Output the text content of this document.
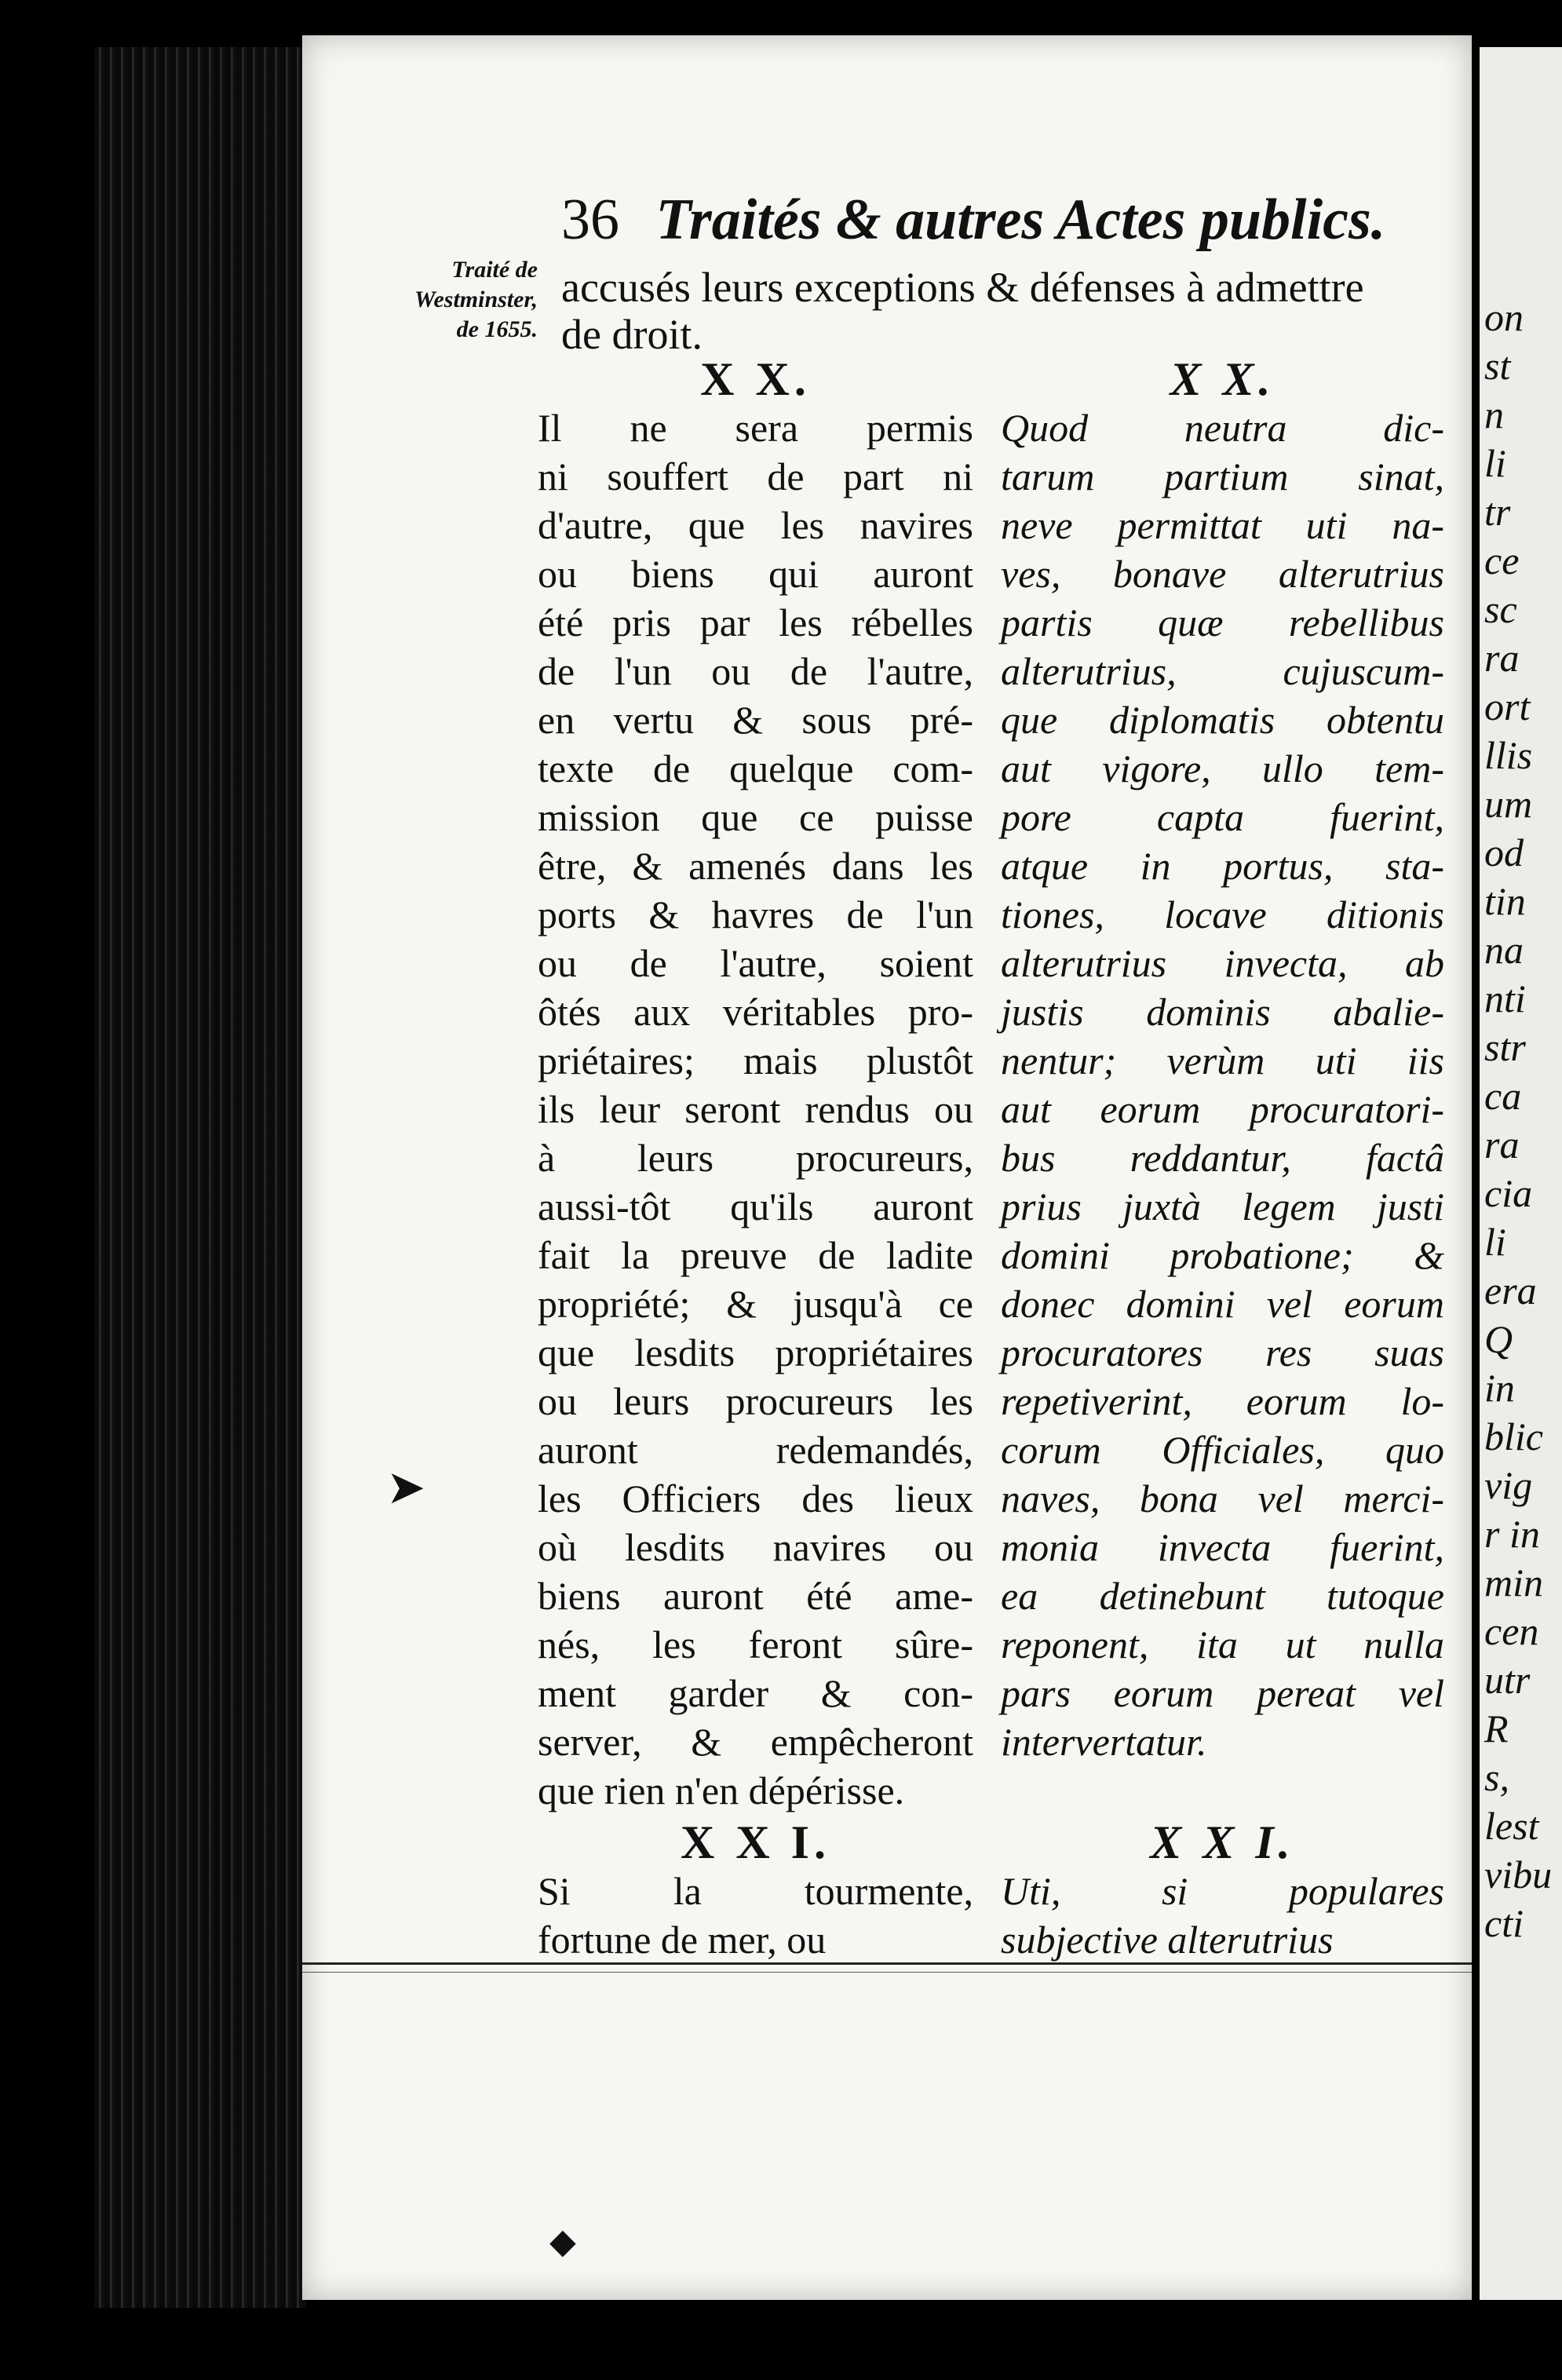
on
st
n
li
tr
ce
sc
ra
ort
llis
um
od
tin
na
nti
str
ca
ra
cia
li
era
Q
in
blic
vig
r in
min
cen
utr
R
s,
lest
vibu
cti
36 Traités & autres Actes publics.
Traité de
Westminster,
de 1655.
accusés leurs exceptions & défenses à admettre
de droit.
X X.
Il ne sera permis
ni souffert de part ni
d'autre, que les navires
ou biens qui auront
été pris par les rébelles
de l'un ou de l'autre,
en vertu & sous pré-
texte de quelque com-
mission que ce puisse
être, & amenés dans les
ports & havres de l'un
ou de l'autre, soient
ôtés aux véritables pro-
priétaires; mais plustôt
ils leur seront rendus ou
à leurs procureurs,
aussi-tôt qu'ils auront
fait la preuve de ladite
propriété; & jusqu'à ce
que lesdits propriétaires
ou leurs procureurs les
auront redemandés,
les Officiers des lieux
où lesdits navires ou
biens auront été ame-
nés, les feront sûre-
ment garder & con-
server, & empêcheront
que rien n'en dépérisse.
X X I.
Si la tourmente,
fortune de mer, ou
X X.
Quod neutra dic-
tarum partium sinat,
neve permittat uti na-
ves, bonave alterutrius
partis quæ rebellibus
alterutrius, cujuscum-
que diplomatis obtentu
aut vigore, ullo tem-
pore capta fuerint,
atque in portus, sta-
tiones, locave ditionis
alterutrius invecta, ab
justis dominis abalie-
nentur; verùm uti iis
aut eorum procuratori-
bus reddantur, factâ
prius juxtà legem justi
domini probatione; &
donec domini vel eorum
procuratores res suas
repetiverint, eorum lo-
corum Officiales, quo
naves, bona vel merci-
monia invecta fuerint,
ea detinebunt tutoque
reponent, ita ut nulla
pars eorum pereat vel
intervertatur.
X X I.
Uti, si populares
subjective alterutrius
➤
◆
